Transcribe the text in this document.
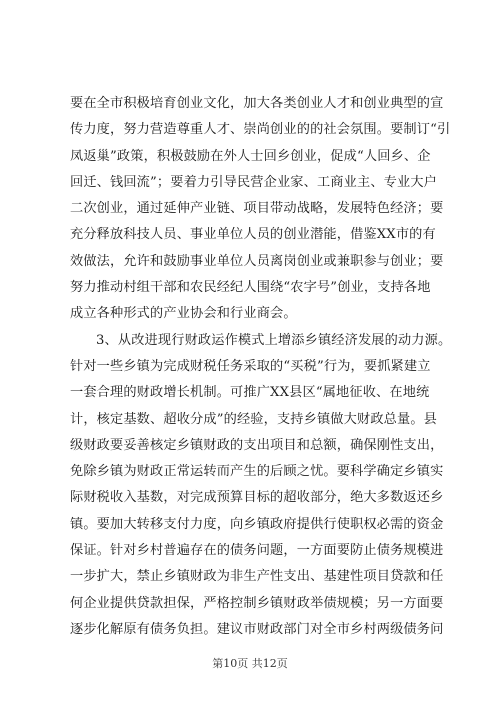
要在全市积极培育创业文化，加大各类创业人才和创业典型的宣
传力度，努力营造尊重人才、崇尚创业的的社会氛围。要制订“引
凤返巢”政策，积极鼓励在外人士回乡创业，促成“人回乡、企
回迁、钱回流”；要着力引导民营企业家、工商业主、专业大户
二次创业，通过延伸产业链、项目带动战略，发展特色经济；要
充分释放科技人员、事业单位人员的创业潜能，借鉴XX市的有
效做法，允许和鼓励事业单位人员离岗创业或兼职参与创业；要
努力推动村组干部和农民经纪人围绕“农字号”创业，支持各地
成立各种形式的产业协会和行业商会。
3、从改进现行财政运作模式上增添乡镇经济发展的动力源。
针对一些乡镇为完成财税任务采取的“买税”行为，要抓紧建立
一套合理的财政增长机制。可推广XX县区“属地征收、在地统
计，核定基数、超收分成”的经验，支持乡镇做大财政总量。县
级财政要妥善核定乡镇财政的支出项目和总额，确保刚性支出，
免除乡镇为财政正常运转而产生的后顾之忧。要科学确定乡镇实
际财税收入基数，对完成预算目标的超收部分，绝大多数返还乡
镇。要加大转移支付力度，向乡镇政府提供行使职权必需的资金
保证。针对乡村普遍存在的债务问题，一方面要防止债务规模进
一步扩大，禁止乡镇财政为非生产性支出、基建性项目贷款和任
何企业提供贷款担保，严格控制乡镇财政举债规模；另一方面要
逐步化解原有债务负担。建议市财政部门对全市乡村两级债务问
第10页 共12页
